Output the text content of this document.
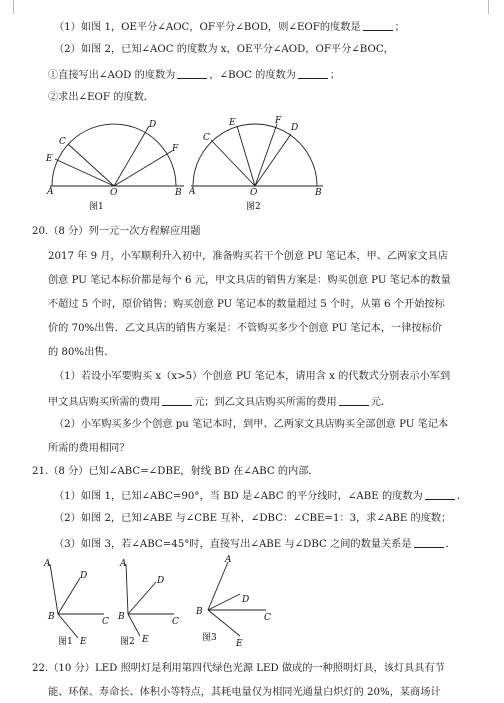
（1）如图 1，OE平分∠AOC，OF平分∠BOD，则∠EOF的度数是	；
（2）如图 2，已知∠AOC 的度数为 x，OE平分∠AOD，OF平分∠BOC，
①直接写出∠AOD 的度数为	，∠BOC 的度数为	；
②求出∠EOF 的度数．
A	O	B
C
D
E
F
图1
A	O	B
C
D
E	F
图2
20.（8 分）列一元一次方程解应用题
2017 年 9 月，小军顺利升入初中，准备购买若干个创意 PU 笔记本，甲、乙两家文具店
创意 PU 笔记本标价都是每个 6 元，甲文具店的销售方案是：购买创意 PU 笔记本的数量
不超过 5 个时，原价销售；购买创意 PU 笔记本的数量超过 5 个时，从第 6 个开始按标
价的 70%出售．乙文具店的销售方案是：不管购买多少个创意 PU 笔记本，一律按标价
的 80%出售．
（1）若设小军要购买 x（x>5）个创意 PU 笔记本，请用含 x 的代数式分别表示小军到
甲文具店购买所需的费用	元；到乙文具店购买所需的费用	元．
（2）小军购买多少个创意 pu 笔记本时，到甲、乙两家文具店购买全部创意 PU 笔记本
所需的费用相同？
21.（8 分）已知∠ABC=∠DBE，射线 BD 在∠ABC 的内部．
（1）如图 1，已知∠ABC=90°，当 BD 是∠ABC 的平分线时，∠ABE 的度数为	．
（2）如图 2，已知∠ABE 与∠CBE 互补，∠DBC：∠CBE=1：3，求∠ABE 的度数；
（3）如图 3，若∠ABC=45°时，直接写出∠ABE 与∠DBC 之间的数量关系是	．
A
B	C
D
E
图1
A
B	C
D
E
图2
A
B
C
D
E
图3
22.（10 分）LED 照明灯是利用第四代绿色光源 LED 做成的一种照明灯具，该灯具具有节
能、环保、寿命长、体积小等特点，其耗电量仅为相同光通量白炽灯的 20%，某商场计
